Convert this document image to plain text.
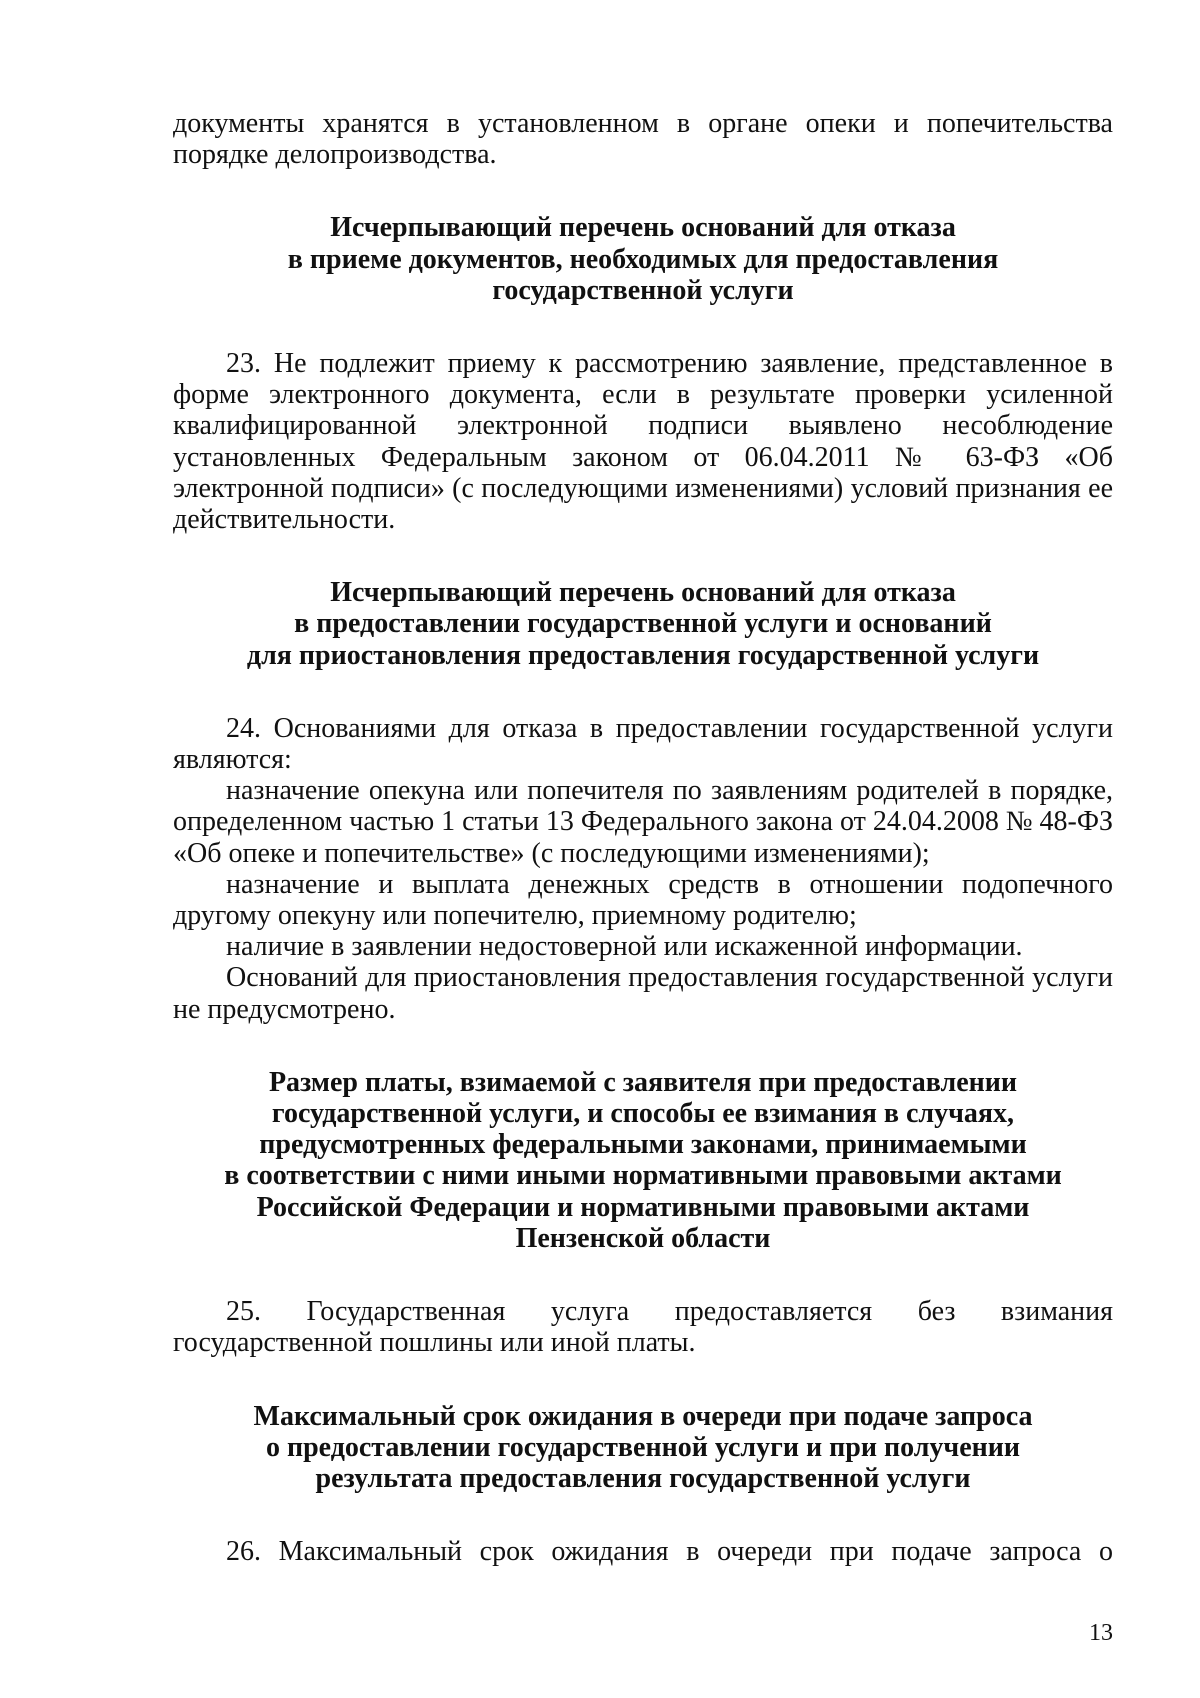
документы хранятся в установленном в органе опеки и попечительства

порядке делопроизводства.

Исчерпывающий перечень оснований для отказа
в приеме документов, необходимых для предоставления
государственной услуги

23. Не подлежит приему к рассмотрению заявление, представленное в форме электронного документа, если в результате проверки усиленной квалифицированной электронной подписи выявлено несоблюдение установленных Федеральным законом от 06.04.2011 № 63-ФЗ «Об электронной подписи» (с последующими изменениями) условий признания ее действительности.

Исчерпывающий перечень оснований для отказа
в предоставлении государственной услуги и оснований
для приостановления предоставления государственной услуги

24. Основаниями для отказа в предоставлении государственной услуги являются:

назначение опекуна или попечителя по заявлениям родителей в порядке, определенном частью 1 статьи 13 Федерального закона от 24.04.2008 № 48-ФЗ «Об опеке и попечительстве» (с последующими изменениями);

назначение и выплата денежных средств в отношении подопечного другому опекуну или попечителю, приемному родителю;

наличие в заявлении недостоверной или искаженной информации.

Оснований для приостановления предоставления государственной услуги не предусмотрено.

Размер платы, взимаемой с заявителя при предоставлении
государственной услуги, и способы ее взимания в случаях,
предусмотренных федеральными законами, принимаемыми
в соответствии с ними иными нормативными правовыми актами
Российской Федерации и нормативными правовыми актами
Пензенской области

25. Государственная услуга предоставляется без взимания государственной пошлины или иной платы.

Максимальный срок ожидания в очереди при подаче запроса
о предоставлении государственной услуги и при получении
результата предоставления государственной услуги

26. Максимальный срок ожидания в очереди при подаче запроса о

13
